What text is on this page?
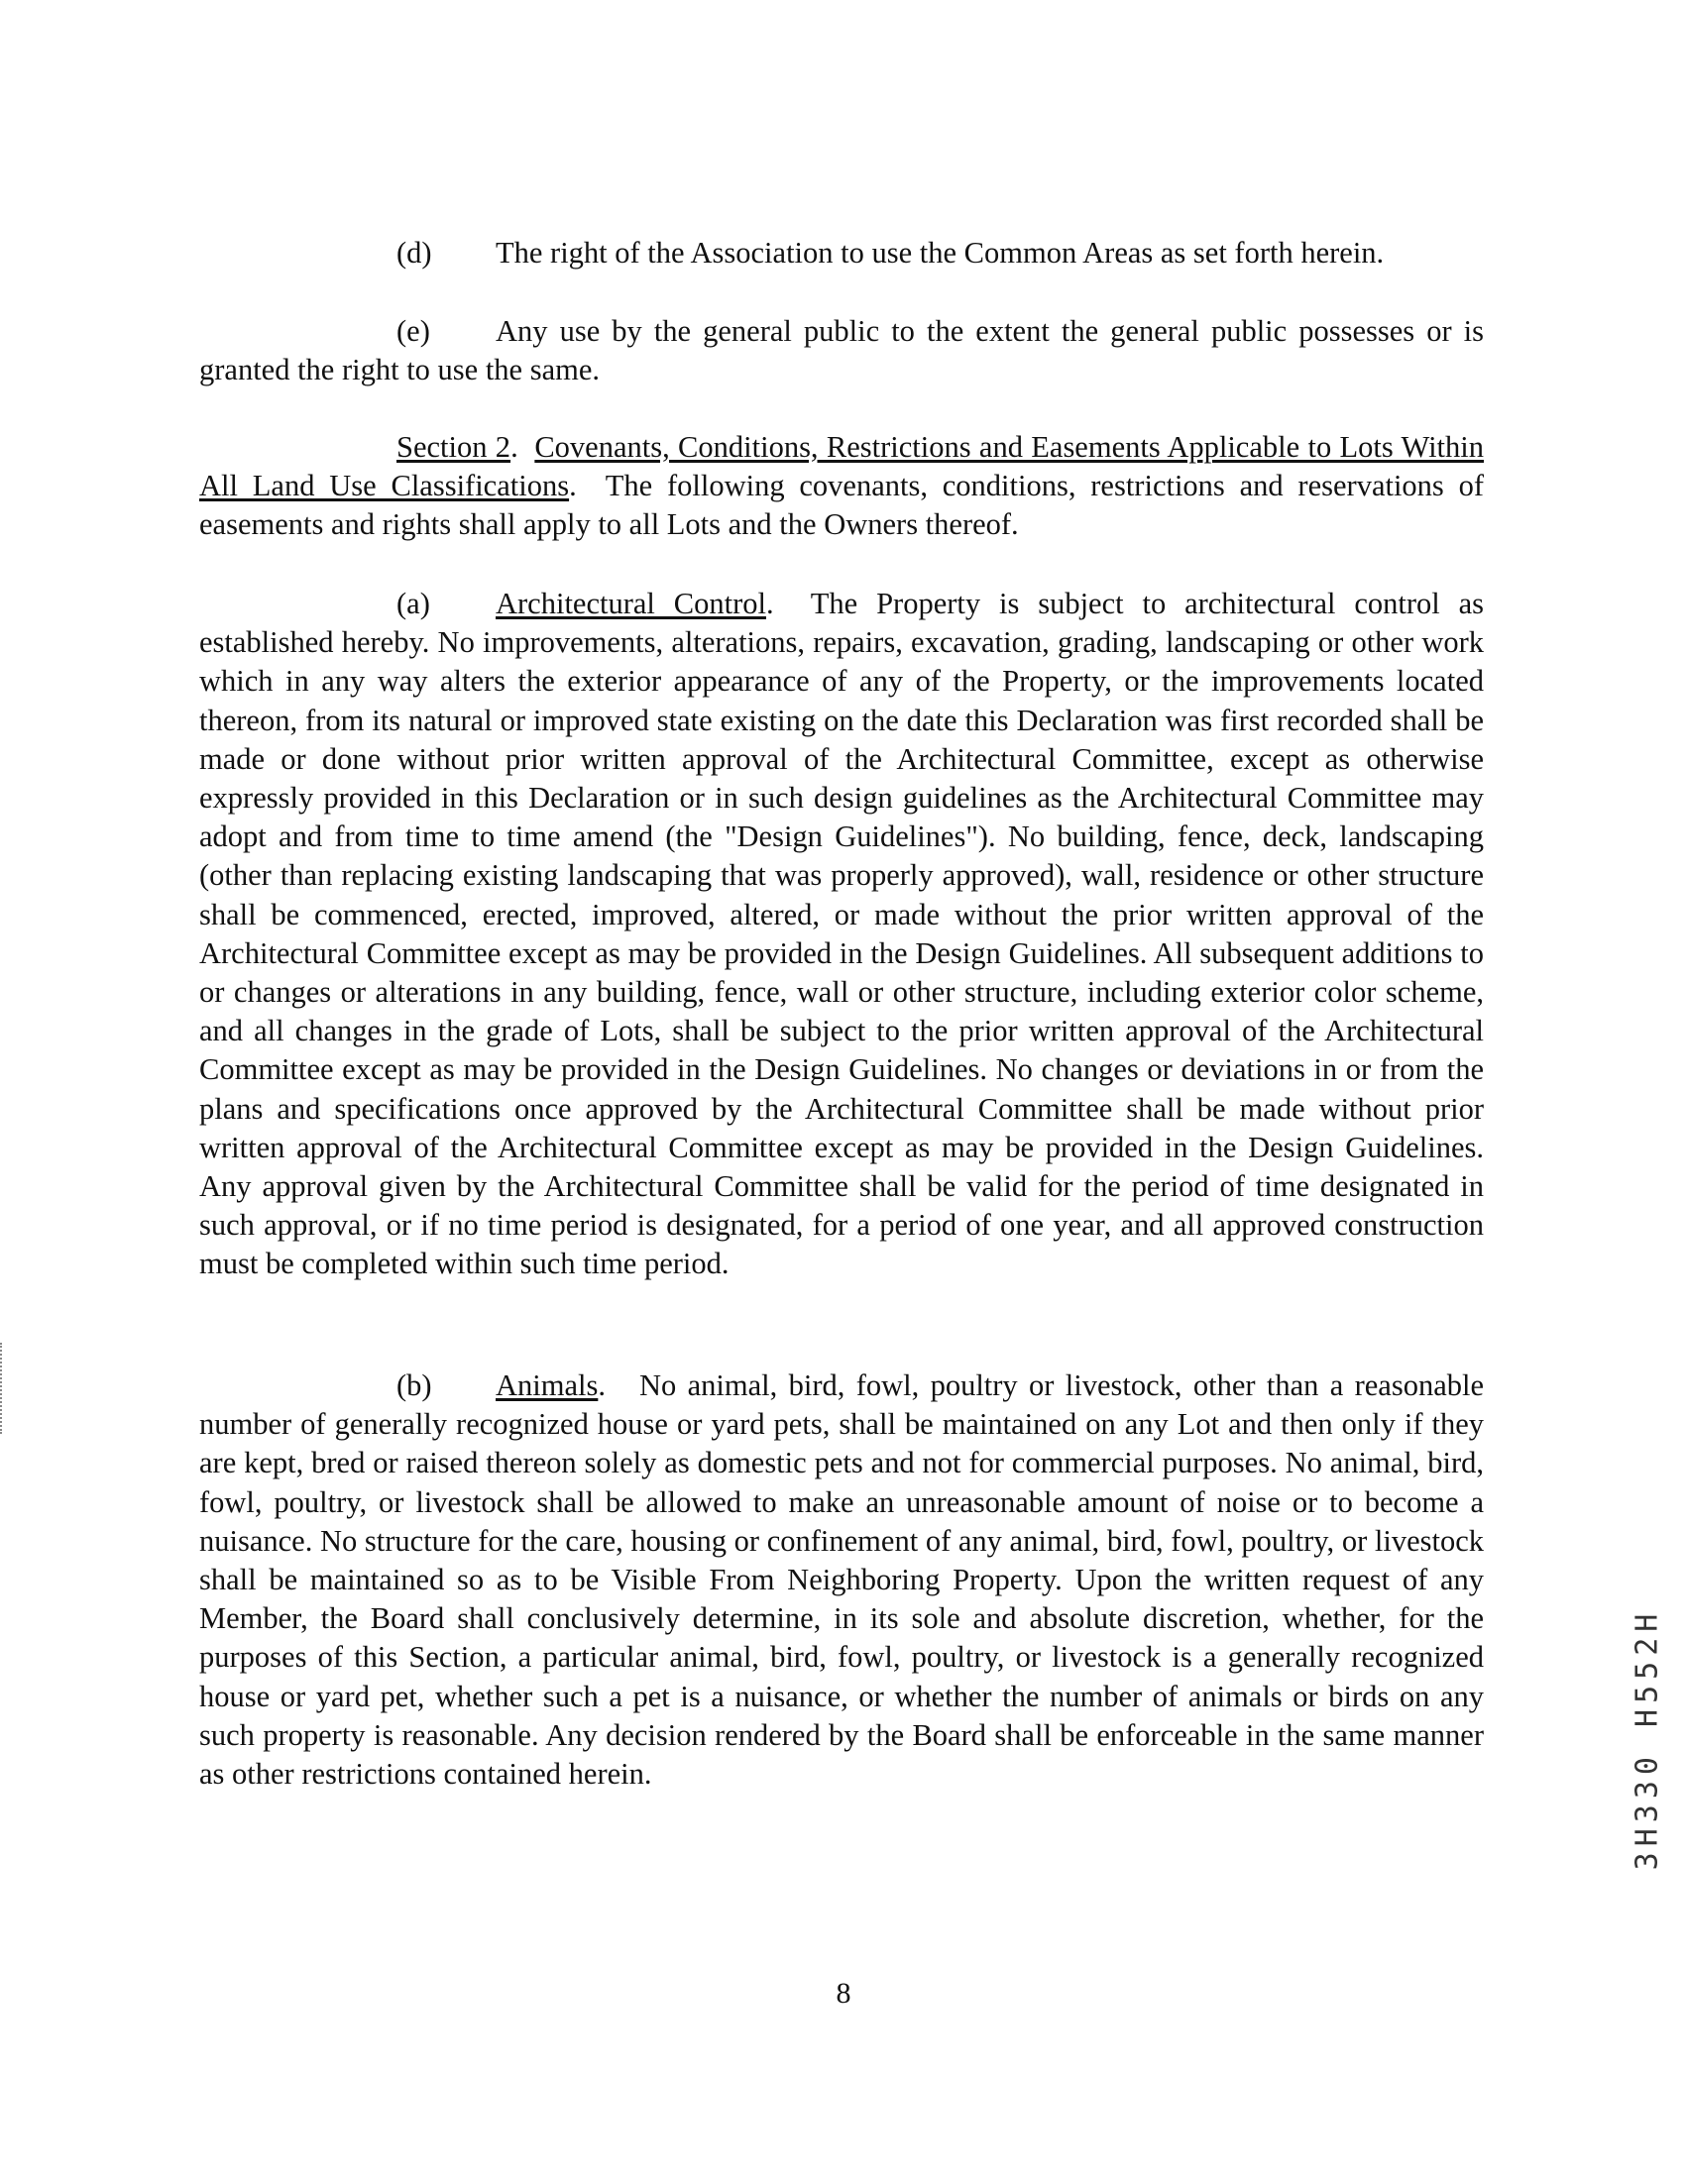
(d) The right of the Association to use the Common Areas as set forth herein.

(e) Any use by the general public to the extent the general public possesses or is granted the right to use the same.

Section 2.  Covenants, Conditions, Restrictions and Easements Applicable to Lots Within All Land Use Classifications.  The following covenants, conditions, restrictions and reservations of easements and rights shall apply to all Lots and the Owners thereof.

(a) Architectural Control.  The Property is subject to architectural control as established hereby. No improvements, alterations, repairs, excavation, grading, landscaping or other work which in any way alters the exterior appearance of any of the Property, or the improvements located thereon, from its natural or improved state existing on the date this Declaration was first recorded shall be made or done without prior written approval of the Architectural Committee, except as otherwise expressly provided in this Declaration or in such design guidelines as the Architectural Committee may adopt and from time to time amend (the "Design Guidelines"). No building, fence, deck, landscaping (other than replacing existing landscaping that was properly approved), wall, residence or other structure shall be commenced, erected, improved, altered, or made without the prior written approval of the Architectural Committee except as may be provided in the Design Guidelines. All subsequent additions to or changes or alterations in any building, fence, wall or other structure, including exterior color scheme, and all changes in the grade of Lots, shall be subject to the prior written approval of the Architectural Committee except as may be provided in the Design Guidelines. No changes or deviations in or from the plans and specifications once approved by the Architectural Committee shall be made without prior written approval of the Architectural Committee except as may be provided in the Design Guidelines. Any approval given by the Architectural Committee shall be valid for the period of time designated in such approval, or if no time period is designated, for a period of one year, and all approved construction must be completed within such time period.

(b) Animals.   No animal, bird, fowl, poultry or livestock, other than a reasonable number of generally recognized house or yard pets, shall be maintained on any Lot and then only if they are kept, bred or raised thereon solely as domestic pets and not for commercial purposes. No animal, bird, fowl, poultry, or livestock shall be allowed to make an unreasonable amount of noise or to become a nuisance. No structure for the care, housing or confinement of any animal, bird, fowl, poultry, or livestock shall be maintained so as to be Visible From Neighboring Property. Upon the written request of any Member, the Board shall conclusively determine, in its sole and absolute discretion, whether, for the purposes of this Section, a particular animal, bird, fowl, poultry, or livestock is a generally recognized house or yard pet, whether such a pet is a nuisance, or whether the number of animals or birds on any such property is reasonable. Any decision rendered by the Board shall be enforceable in the same manner as other restrictions contained herein.

8
3H330 H552H
